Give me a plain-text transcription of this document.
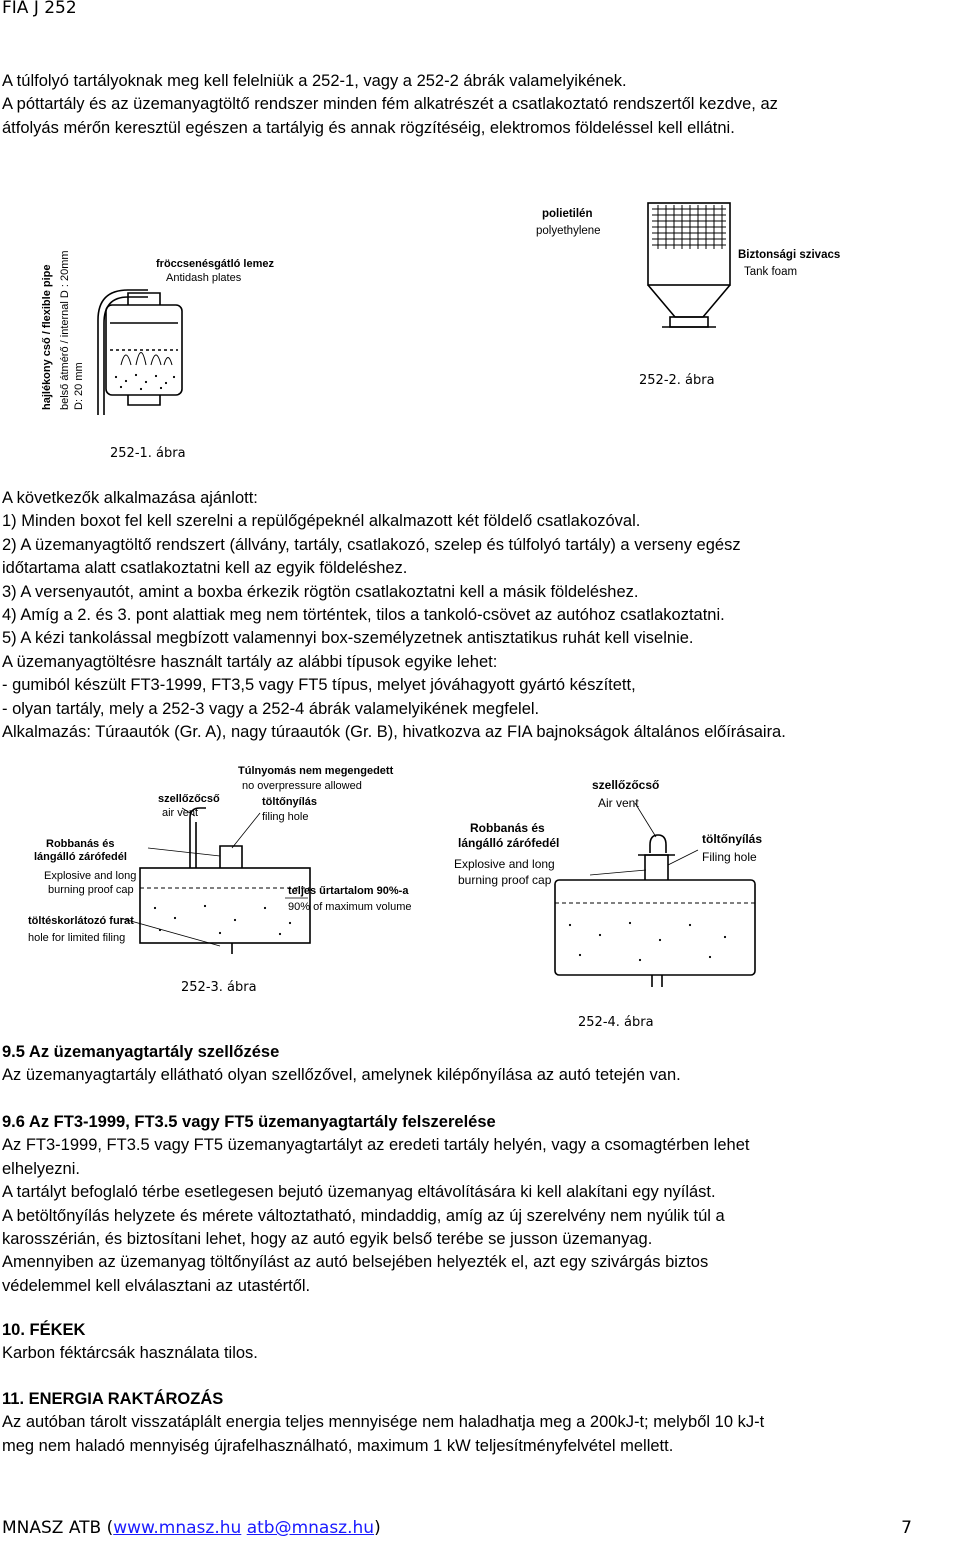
FIA J 252
A túlfolyó tartályoknak meg kell felelniük a 252-1, vagy a 252-2 ábrák valamelyikének.
A póttartály és az üzemanyagtöltő rendszer minden fém alkatrészét a csatlakoztató rendszertől kezdve, az
átfolyás mérőn keresztül egészen a tartályig és annak rögzítéséig, elektromos földeléssel kell ellátni.
fröccsenésgátló lemez
Antidash plates
hajlékony cső / flexible pipe belső átmérő / internal D : 20mm D: 20 mm
252-1. ábra
polietilén
polyethylene
Biztonsági szivacs
Tank foam
252-2. ábra
A következők alkalmazása ajánlott:
1) Minden boxot fel kell szerelni a repülőgépeknél alkalmazott két földelő csatlakozóval.
2) A üzemanyagtöltő rendszert (állvány, tartály, csatlakozó, szelep és túlfolyó tartály) a verseny egész
időtartama alatt csatlakoztatni kell az egyik földeléshez.
3) A versenyautót, amint a boxba érkezik rögtön csatlakoztatni kell a másik földeléshez.
4) Amíg a 2. és 3. pont alattiak meg nem történtek, tilos a tankoló-csövet az autóhoz csatlakoztatni.
5) A kézi tankolással megbízott valamennyi box-személyzetnek antisztatikus ruhát kell viselnie.
A üzemanyagtöltésre használt tartály az alábbi típusok egyike lehet:
- gumiból készült FT3-1999, FT3,5 vagy FT5 típus, melyet jóváhagyott gyártó készített,
- olyan tartály, mely a 252-3 vagy a 252-4 ábrák valamelyikének megfelel.
Alkalmazás: Túraautók (Gr. A), nagy túraautók (Gr. B), hivatkozva az FIA bajnokságok általános előírásaira.
Túlnyomás nem megengedett
no overpressure allowed
szellőzőcső
air vent
töltőnyílás
filing hole
Robbanás és
lángálló zárófedél
Explosive and long
burning proof cap	teljes űrtartalom 90%-a
90% of maximum volume
töltéskorlátozó furat
hole for limited filing
252-3. ábra
szellőzőcső
Air vent
Robbanás és
lángálló zárófedél
Explosive and long
burning proof cap
töltőnyílás
Filing hole
252-4. ábra
9.5 Az üzemanyagtartály szellőzése
Az üzemanyagtartály ellátható olyan szellőzővel, amelynek kilépőnyílása az autó tetején van.
9.6 Az FT3-1999, FT3.5 vagy FT5 üzemanyagtartály felszerelése
Az FT3-1999, FT3.5 vagy FT5 üzemanyagtartályt az eredeti tartály helyén, vagy a csomagtérben lehet
elhelyezni.
A tartályt befoglaló térbe esetlegesen bejutó üzemanyag eltávolítására ki kell alakítani egy nyílást.
A betöltőnyílás helyzete és mérete változtatható, mindaddig, amíg az új szerelvény nem nyúlik túl a
karosszérián, és biztosítani lehet, hogy az autó egyik belső terébe se jusson üzemanyag.
Amennyiben az üzemanyag töltőnyílást az autó belsejében helyezték el, azt egy szivárgás biztos
védelemmel kell elválasztani az utastértől.
10. FÉKEK
Karbon féktárcsák használata tilos.
11. ENERGIA RAKTÁROZÁS
Az autóban tárolt visszatáplált energia teljes mennyisége nem haladhatja meg a 200kJ-t; melyből 10 kJ-t
meg nem haladó mennyiség újrafelhasználható, maximum 1 kW teljesítményfelvétel mellett.
MNASZ ATB (www.mnasz.hu atb@mnasz.hu)	7
